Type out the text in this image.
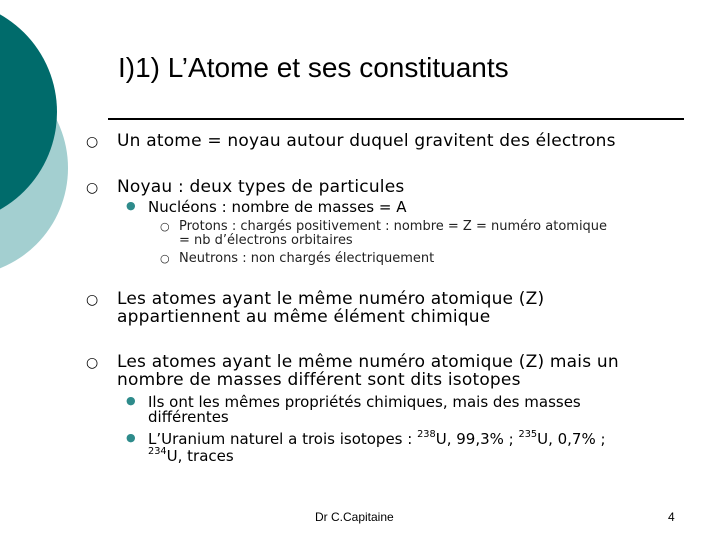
I)1) L’Atome et ses constituants
○ Un atome = noyau autour duquel gravitent des électrons
○ Noyau : deux types de particules
● Nucléons : nombre de masses = A
○ Protons : chargés positivement : nombre = Z = numéro atomique
= nb d’électrons orbitaires
○ Neutrons : non chargés électriquement
○ Les atomes ayant le même numéro atomique (Z)
appartiennent au même élément chimique
○ Les atomes ayant le même numéro atomique (Z) mais un
nombre de masses différent sont dits isotopes
● Ils ont les mêmes propriétés chimiques, mais des masses
différentes
● L’Uranium naturel a trois isotopes : $^{238}$U, 99,3% ; $^{235}$U, 0,7% ;
$^{234}$U, traces
Dr C.Capitaine	4
